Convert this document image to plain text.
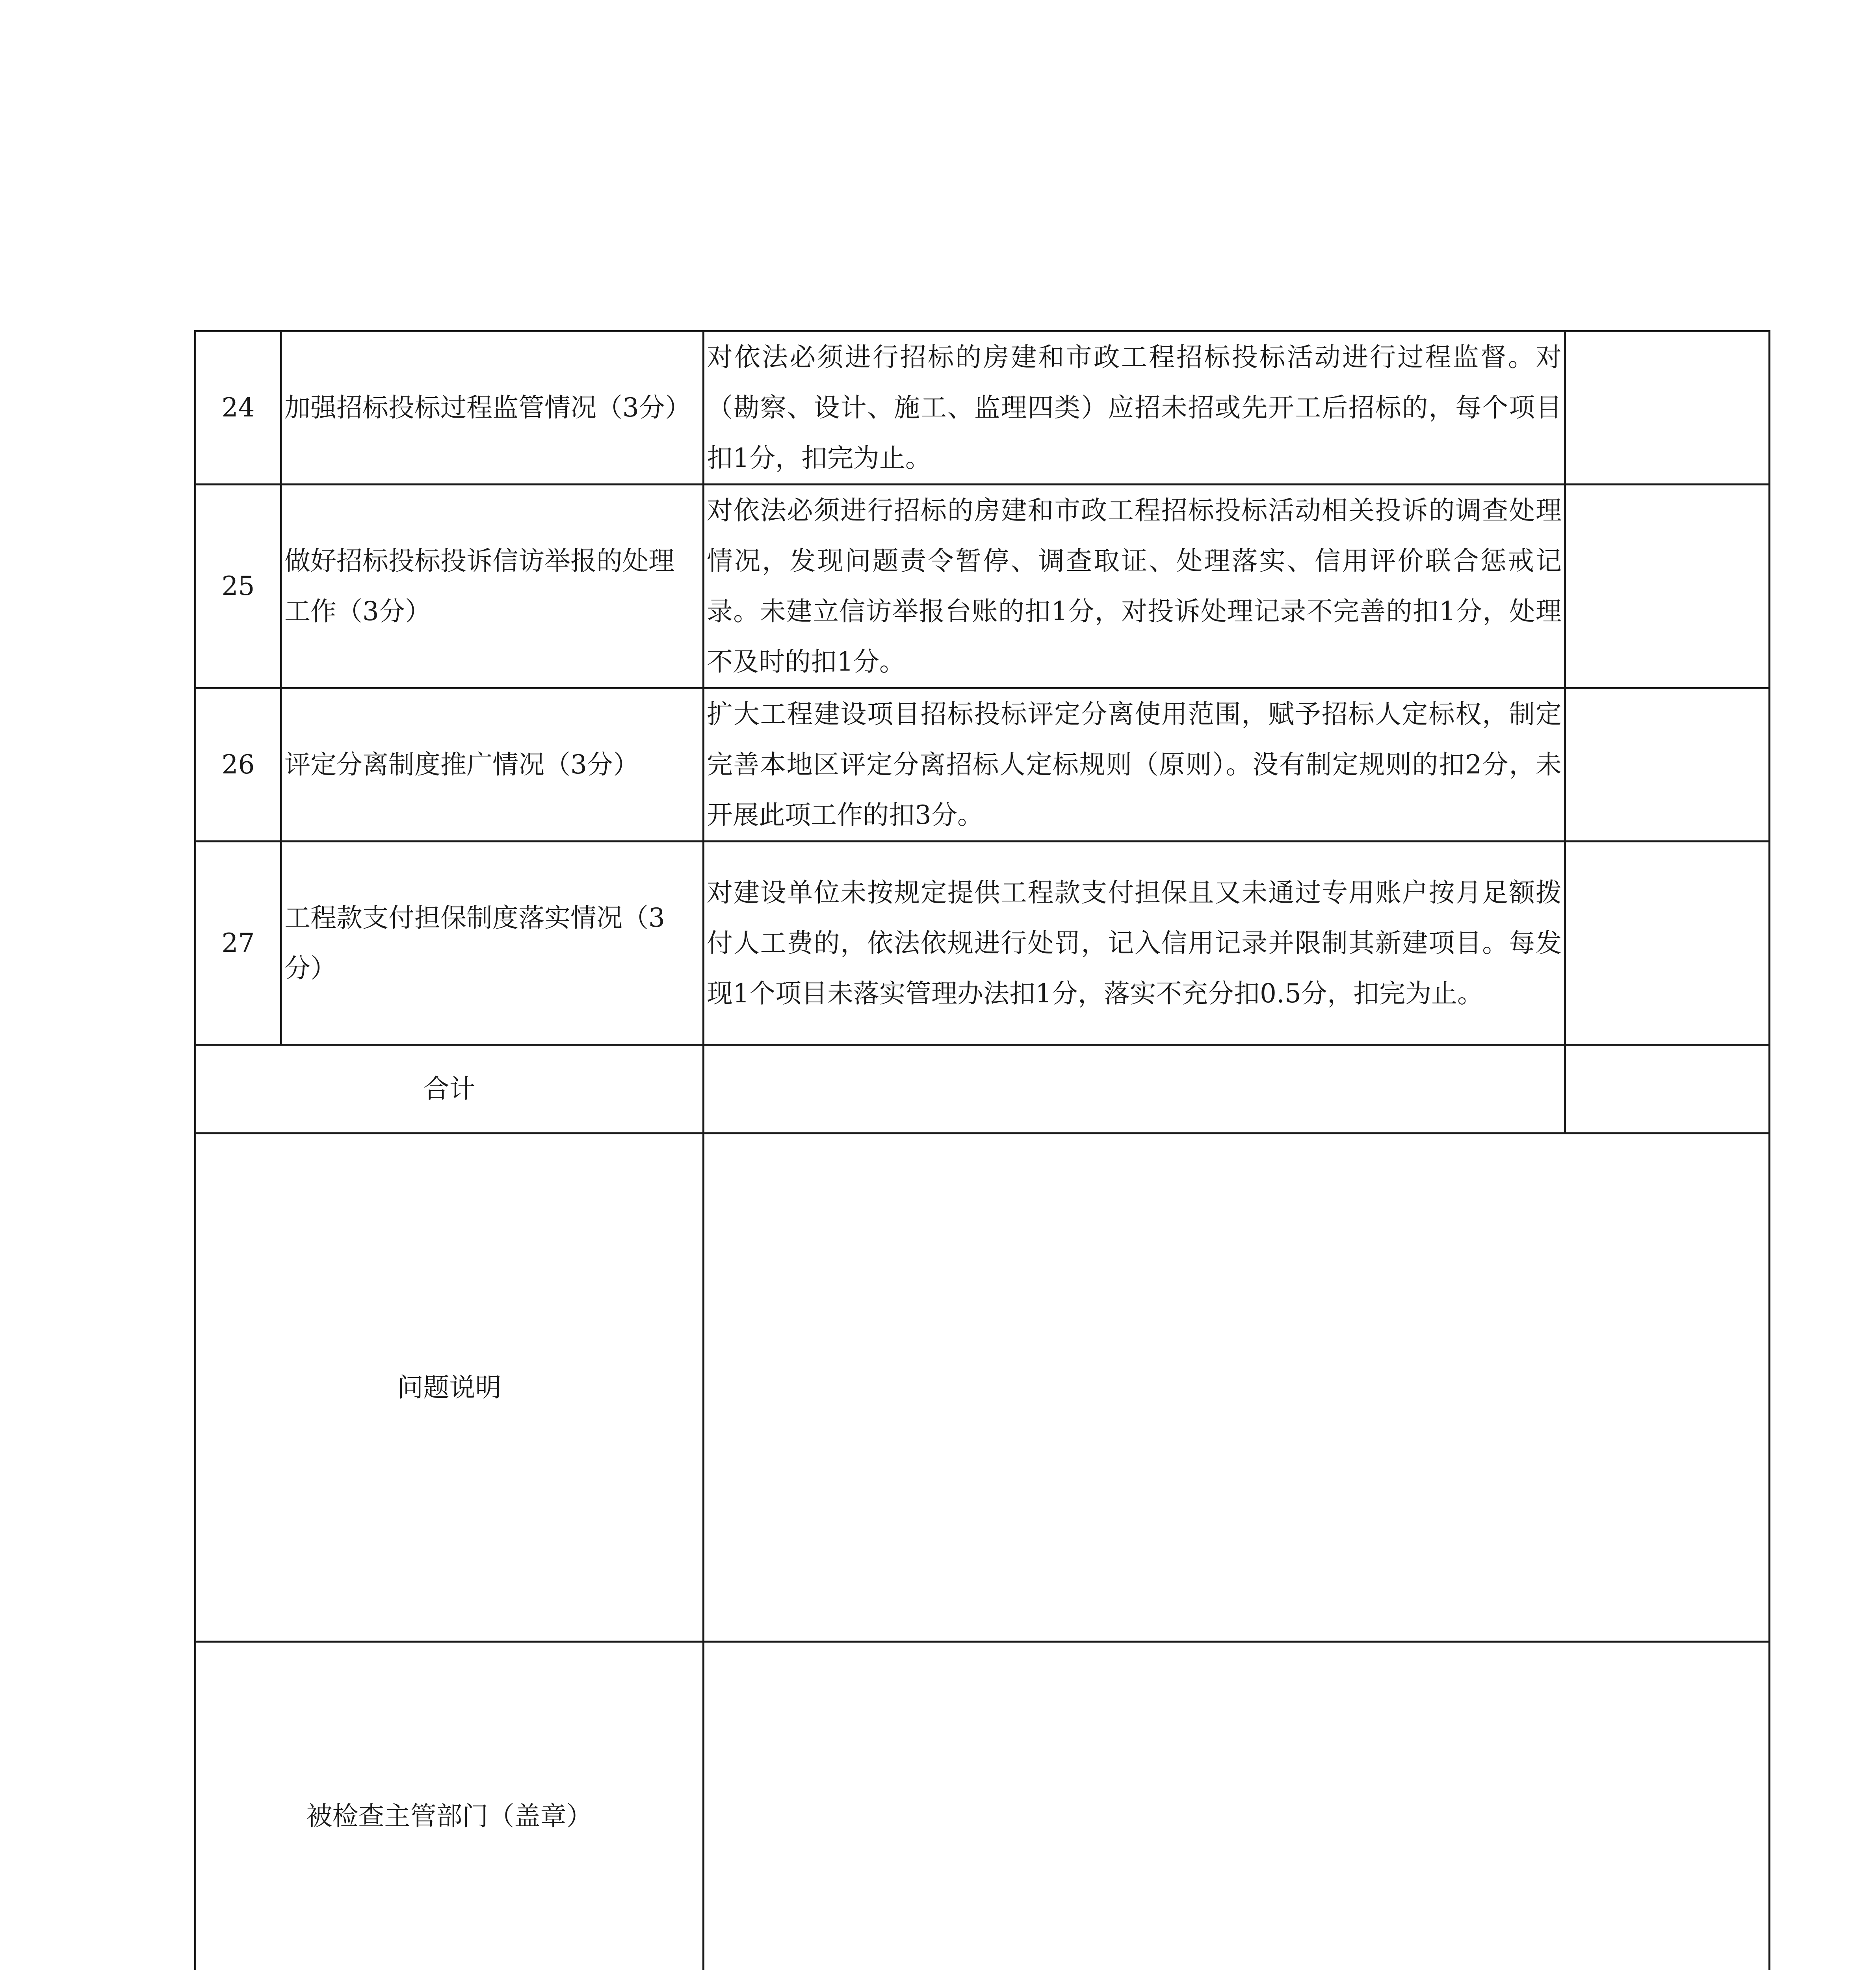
24	加强招标投标过程监管情况（3分）	对依法必须进行招标的房建和市政工程招标投标活动进行过程监督。对（勘察、设计、施工、监理四类）应招未招或先开工后招标的，每个项目扣1分，扣完为止。	
25	做好招标投标投诉信访举报的处理工作（3分）	对依法必须进行招标的房建和市政工程招标投标活动相关投诉的调查处理情况，发现问题责令暂停、调查取证、处理落实、信用评价联合惩戒记录。未建立信访举报台账的扣1分，对投诉处理记录不完善的扣1分，处理不及时的扣1分。	
26	评定分离制度推广情况（3分）	扩大工程建设项目招标投标评定分离使用范围，赋予招标人定标权，制定完善本地区评定分离招标人定标规则（原则）。没有制定规则的扣2分，未开展此项工作的扣3分。	
27	工程款支付担保制度落实情况（3分）	对建设单位未按规定提供工程款支付担保且又未通过专用账户按月足额拨付人工费的，依法依规进行处罚，记入信用记录并限制其新建项目。每发现1个项目未落实管理办法扣1分，落实不充分扣0.5分，扣完为止。	
合计			
问题说明			
被检查主管部门（盖章）			
